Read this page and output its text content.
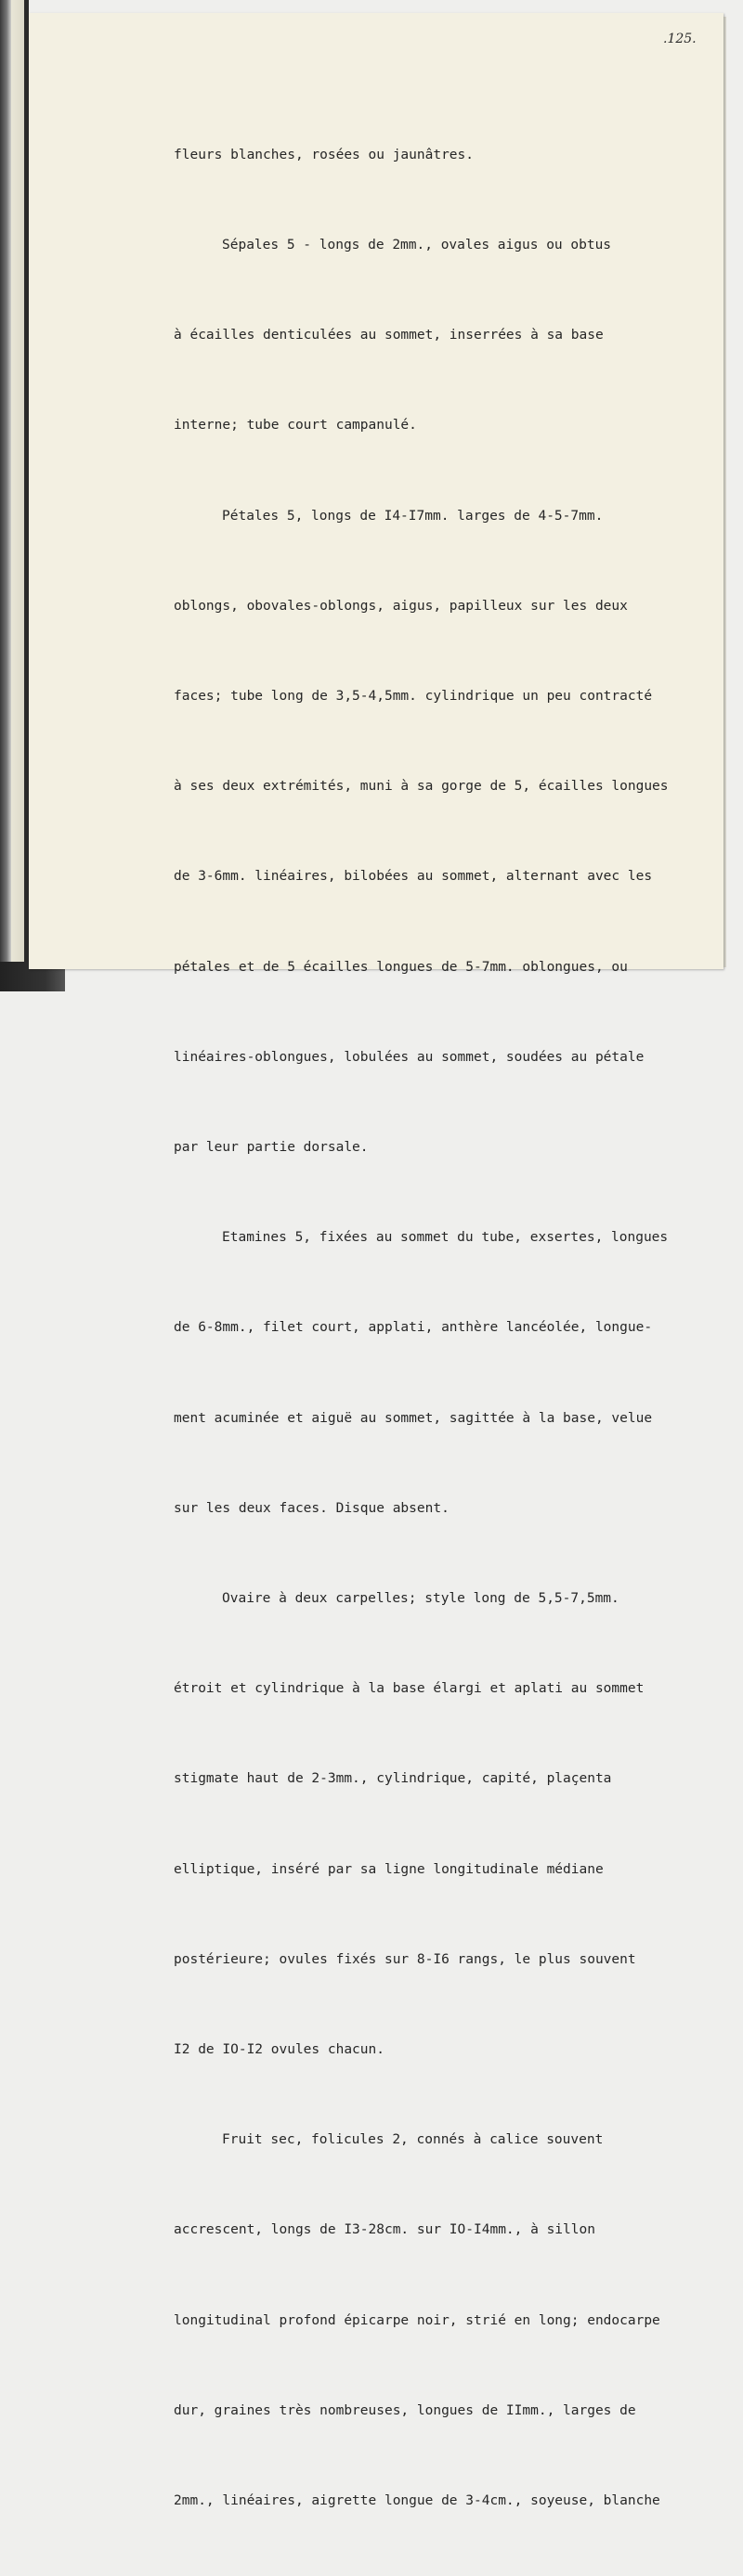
.125.

fleurs blanches, rosées ou jaunâtres.

Sépales 5 - longs de 2mm., ovales aigus ou obtus

à écailles denticulées au sommet, inserrées à sa base

interne; tube court campanulé.

Pétales 5, longs de I4-I7mm. larges de 4-5-7mm.

oblongs, obovales-oblongs, aigus, papilleux sur les deux

faces; tube long de 3,5-4,5mm. cylindrique un peu contracté

à ses deux extrémités, muni à sa gorge de 5, écailles longues

de 3-6mm. linéaires, bilobées au sommet, alternant avec les

pétales et de 5 écailles longues de 5-7mm. oblongues, ou

linéaires-oblongues, lobulées au sommet, soudées au pétale

par leur partie dorsale.

Etamines 5, fixées au sommet du tube, exsertes, longues

de 6-8mm., filet court, applati, anthère lancéolée, longue-

ment acuminée et aiguë au sommet, sagittée à la base, velue

sur les deux faces. Disque absent.

Ovaire à deux carpelles; style long de 5,5-7,5mm.

étroit et cylindrique à la base élargi et aplati au sommet

stigmate haut de 2-3mm., cylindrique, capité, plaçenta

elliptique, inséré par sa ligne longitudinale médiane

postérieure; ovules fixés sur 8-I6 rangs, le plus souvent

I2 de IO-I2 ovules chacun.

Fruit sec, folicules 2, connés à calice souvent

accrescent, longs de I3-28cm. sur IO-I4mm., à sillon

longitudinal profond épicarpe noir, strié en long; endocarpe

dur, graines très nombreuses, longues de IImm., larges de

2mm., linéaires, aigrette longue de 3-4cm., soyeuse, blanche
